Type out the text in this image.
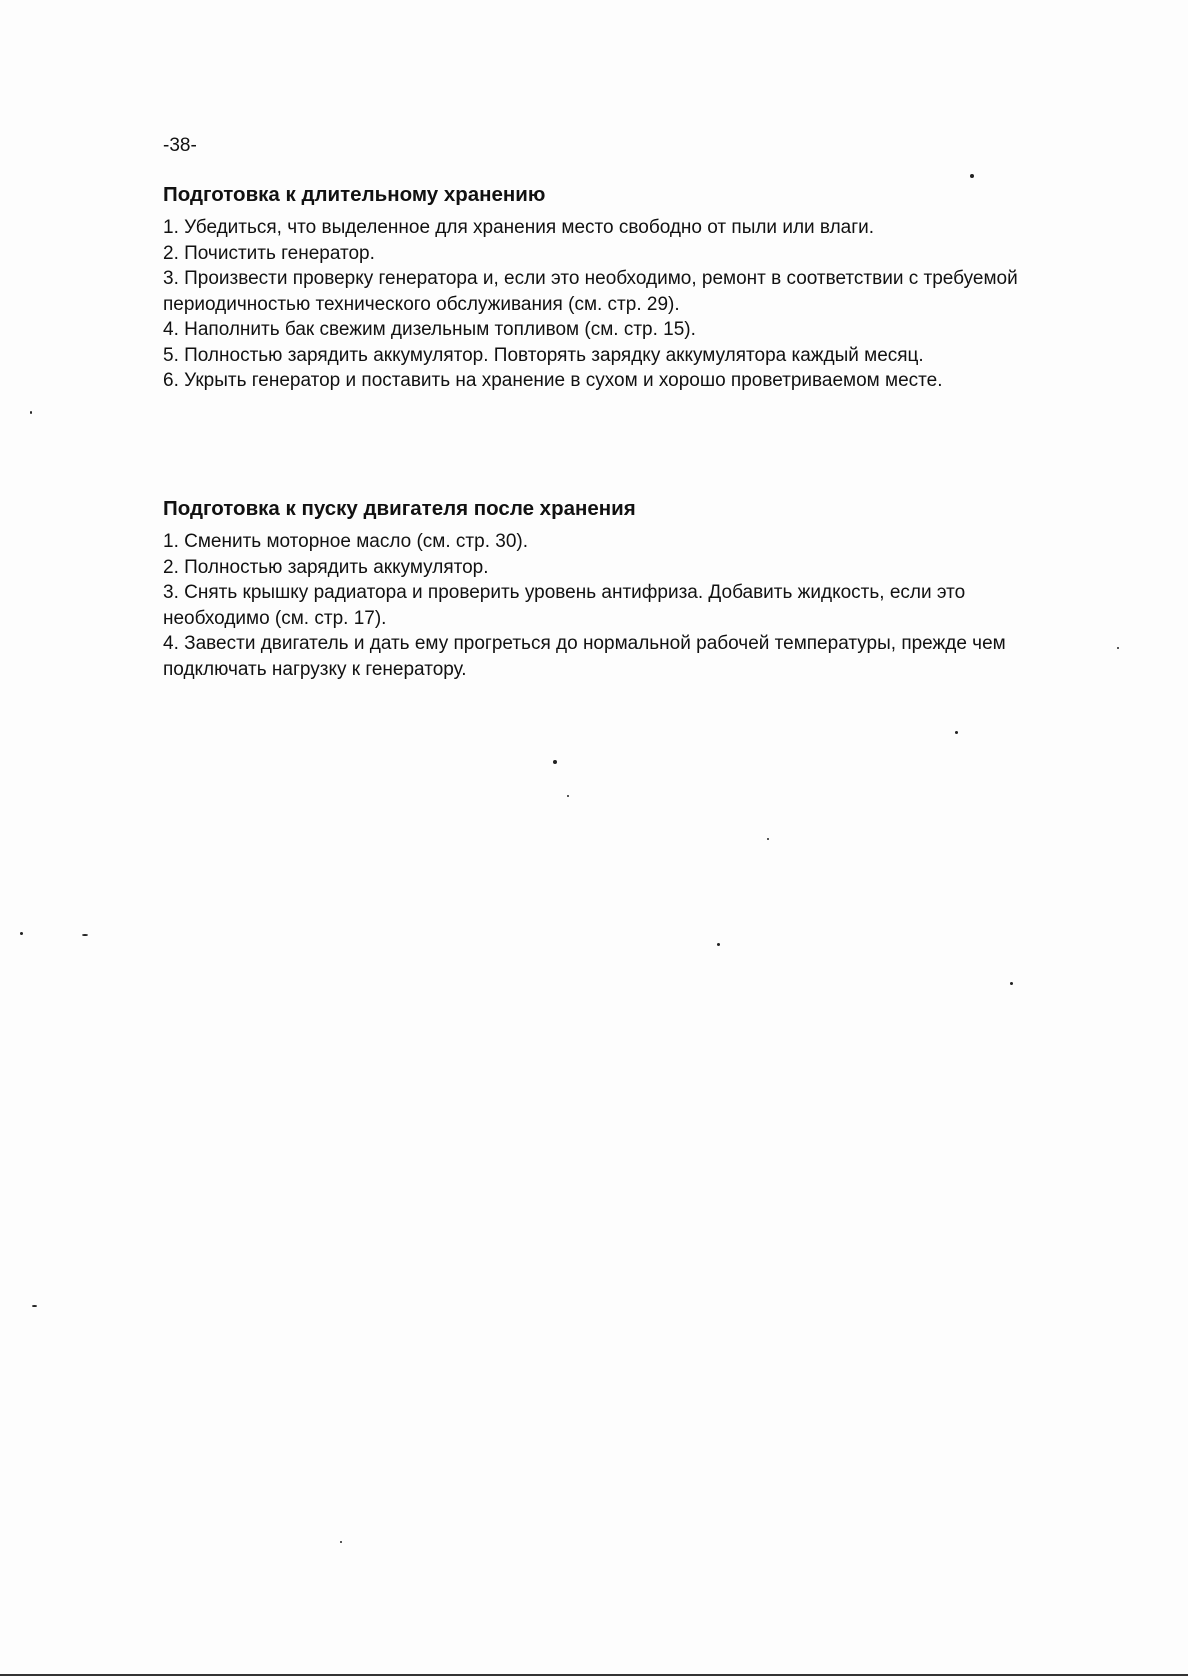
-38-
Подготовка к длительному хранению

1. Убедиться, что выделенное для хранения место свободно от пыли или влаги.

2. Почистить генератор.

3. Произвести проверку генератора и, если это необходимо, ремонт в соответствии с требуемой периодичностью технического обслуживания (см. стр. 29).

4. Наполнить бак свежим дизельным топливом (см. стр. 15).

5. Полностью зарядить аккумулятор. Повторять зарядку аккумулятора каждый месяц.

6. Укрыть генератор и поставить на хранение в сухом и хорошо проветриваемом месте.

Подготовка к пуску двигателя после хранения

1. Сменить моторное масло (см. стр. 30).

2. Полностью зарядить аккумулятор.

3. Снять крышку радиатора и проверить уровень антифриза. Добавить жидкость, если это необходимо (см. стр. 17).

4. Завести двигатель и дать ему прогреться до нормальной рабочей температуры, прежде чем подключать нагрузку к генератору.
